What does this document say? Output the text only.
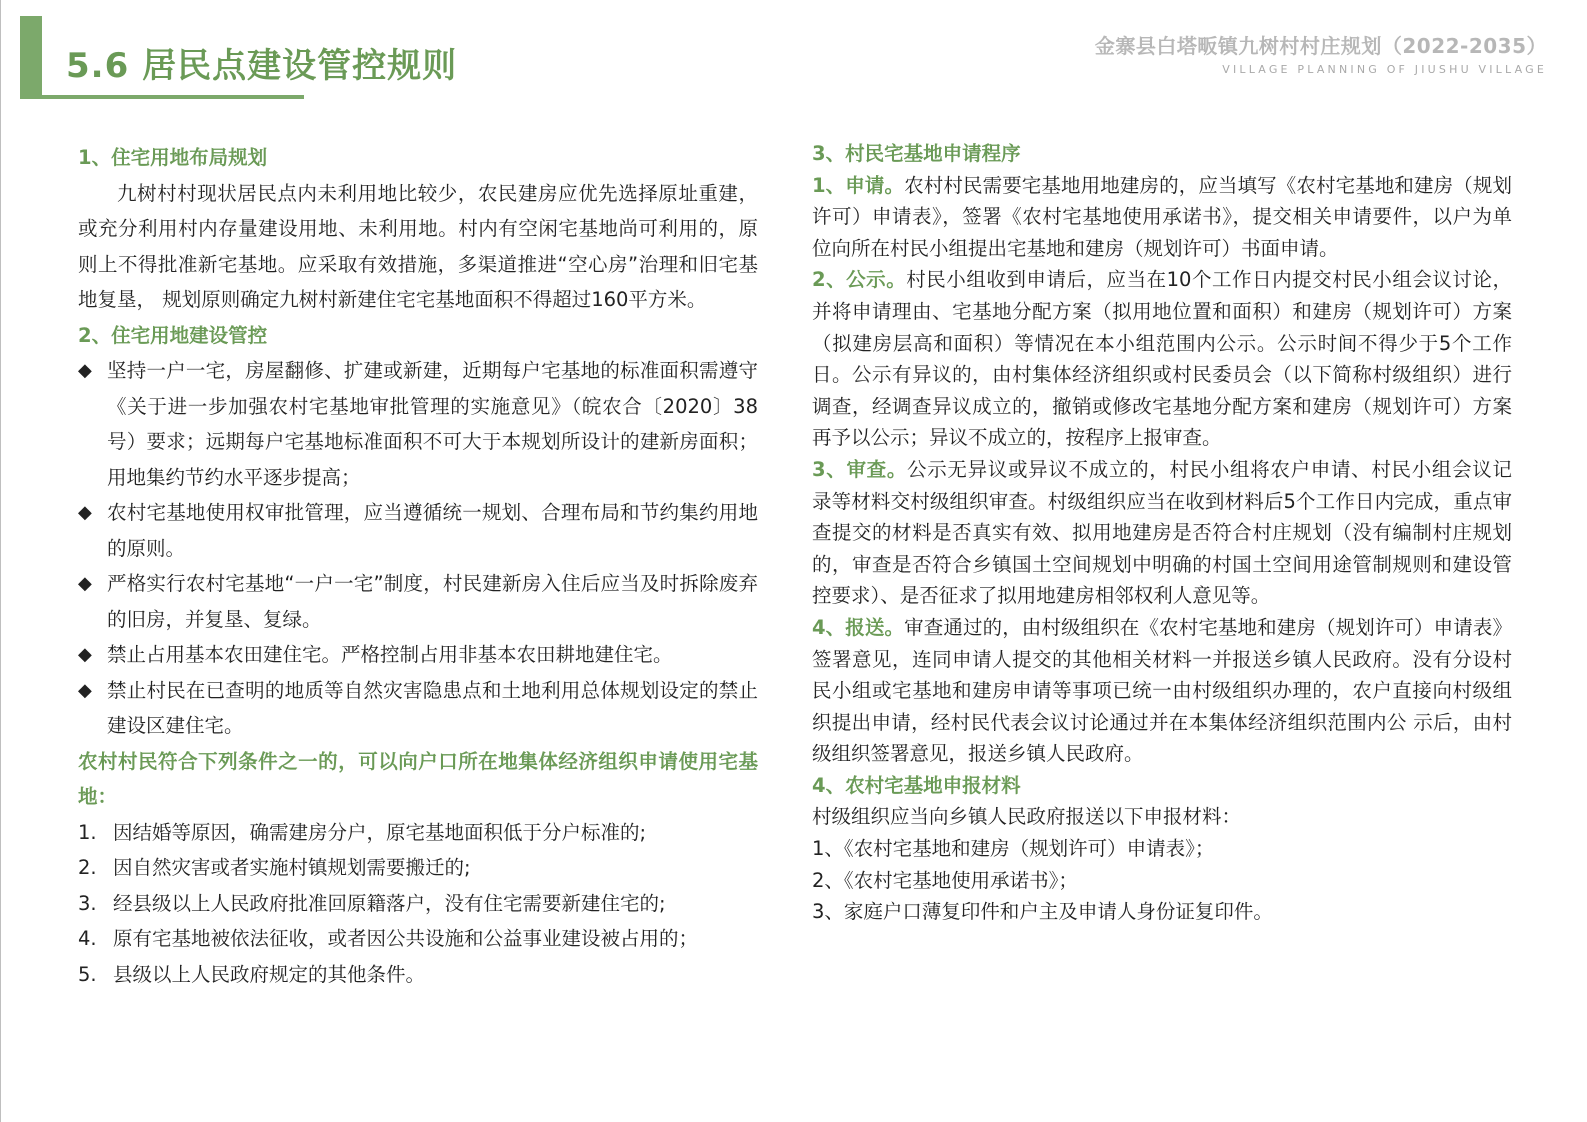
5.6 居民点建设管控规则	金寨县白塔畈镇九树村村庄规划（2022-2035）
VILLAGE PLANNING OF JIUSHU VILLAGE
1、住宅用地布局规划
九树村村现状居民点内未利用地比较少，农民建房应优先选择原址重建，或充分利用村内存量建设用地、未利用地。村内有空闲宅基地尚可利用的，原则上不得批准新宅基地。应采取有效措施，多渠道推进“空心房”治理和旧宅基地复垦， 规划原则确定九树村新建住宅宅基地面积不得超过160平方米。
2、住宅用地建设管控
◆ 坚持一户一宅，房屋翻修、扩建或新建，近期每户宅基地的标准面积需遵守《关于进一步加强农村宅基地审批管理的实施意见》（皖农合〔2020〕38号）要求；远期每户宅基地标准面积不可大于本规划所设计的建新房面积；用地集约节约水平逐步提高；
◆ 农村宅基地使用权审批管理，应当遵循统一规划、合理布局和节约集约用地 的原则。
◆ 严格实行农村宅基地“一户一宅”制度，村民建新房入住后应当及时拆除废弃的旧房，并复垦、复绿。
◆ 禁止占用基本农田建住宅。严格控制占用非基本农田耕地建住宅。
◆ 禁止村民在已查明的地质等自然灾害隐患点和土地利用总体规划设定的禁止 建设区建住宅。
农村村民符合下列条件之一的，可以向户口所在地集体经济组织申请使用宅基地：
1. 因结婚等原因，确需建房分户，原宅基地面积低于分户标准的;
2. 因自然灾害或者实施村镇规划需要搬迁的;
3. 经县级以上人民政府批准回原籍落户，没有住宅需要新建住宅的;
4. 原有宅基地被依法征收，或者因公共设施和公益事业建设被占用的；
5. 县级以上人民政府规定的其他条件。
3、村民宅基地申请程序
1、申请。农村村民需要宅基地用地建房的，应当填写《农村宅基地和建房（规划许可）申请表》，签署《农村宅基地使用承诺书》，提交相关申请要件，以户为单位向所在村民小组提出宅基地和建房（规划许可）书面申请。
2、公示。村民小组收到申请后，应当在10个工作日内提交村民小组会议讨论，并将申请理由、宅基地分配方案（拟用地位置和面积）和建房（规划许可）方案（拟建房层高和面积）等情况在本小组范围内公示。公示时间不得少于5个工作日。公示有异议的，由村集体经济组织或村民委员会（以下简称村级组织）进行调查，经调查异议成立的，撤销或修改宅基地分配方案和建房（规划许可）方案再予以公示；异议不成立的，按程序上报审查。
3、审查。公示无异议或异议不成立的，村民小组将农户申请、村民小组会议记 录等材料交村级组织审查。村级组织应当在收到材料后5个工作日内完成，重点审查提交的材料是否真实有效、拟用地建房是否符合村庄规划（没有编制村庄规划的，审查是否符合乡镇国土空间规划中明确的村国土空间用途管制规则和建设管控要求）、是否征求了拟用地建房相邻权利人意见等。
4、报送。审查通过的，由村级组织在《农村宅基地和建房（规划许可）申请表》 签署意见，连同申请人提交的其他相关材料一并报送乡镇人民政府。没有分设村民小组或宅基地和建房申请等事项已统一由村级组织办理的，农户直接向村级组织提出申请，经村民代表会议讨论通过并在本集体经济组织范围内公 示后，由村级组织签署意见，报送乡镇人民政府。
4、农村宅基地申报材料
村级组织应当向乡镇人民政府报送以下申报材料：
1、《农村宅基地和建房（规划许可）申请表》；
2、《农村宅基地使用承诺书》；
3、家庭户口薄复印件和户主及申请人身份证复印件。
